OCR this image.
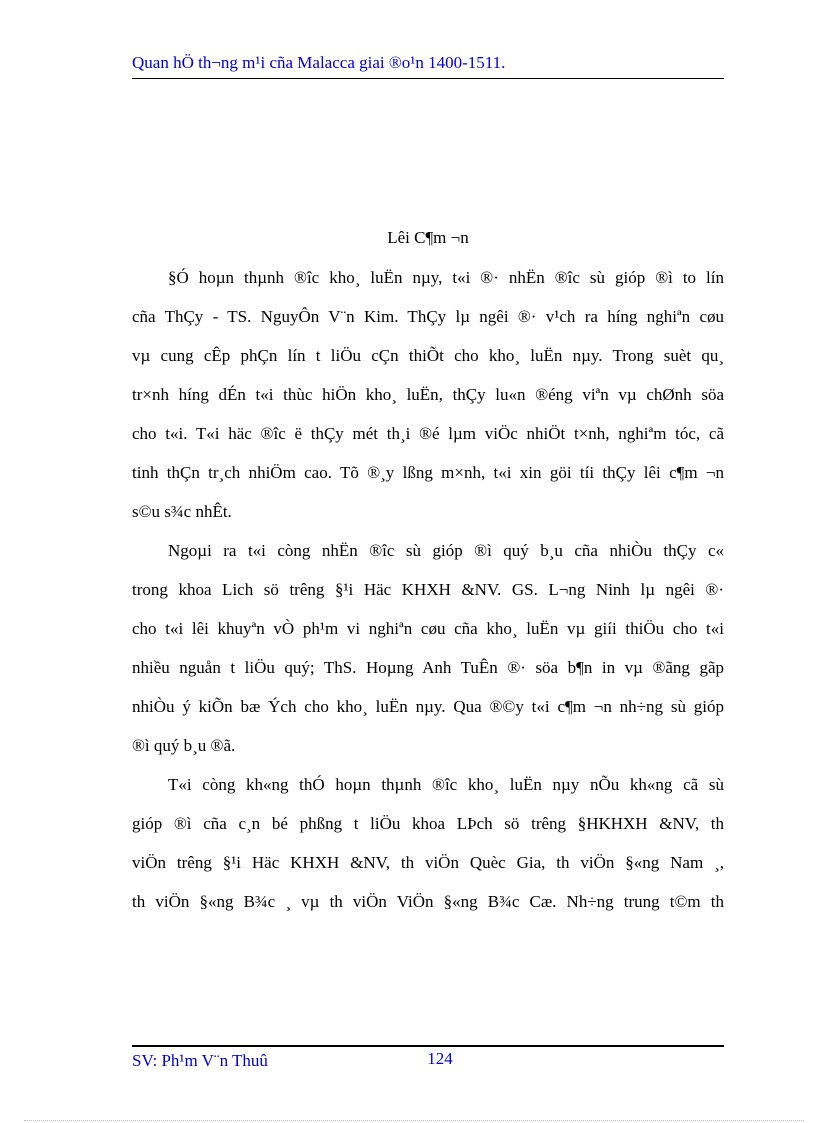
Quan hÖ th¬ng m¹i cña Malacca giai ®o¹n 1400-1511.
Lêi C¶m ¬n
§Ó hoµn thµnh ®îc kho¸ luËn nµy, t«i ®· nhËn ®îc sù gióp ®ì to lín
cña ThÇy - TS. NguyÔn V¨n Kim. ThÇy lµ ngêi ®· v¹ch ra híng nghiªn cøu
vµ cung cÊp phÇn lín t liÖu cÇn thiÕt cho kho¸ luËn nµy. Trong suèt qu¸
tr×nh híng dÉn t«i thùc hiÖn kho¸ luËn, thÇy lu«n ®éng viªn vµ chØnh söa
cho t«i. T«i häc ®îc ë thÇy mét th¸i ®é lµm viÖc nhiÖt t×nh, nghiªm tóc, cã
tinh thÇn tr¸ch nhiÖm cao. Tõ ®¸y lßng m×nh, t«i xin göi tíi thÇy lêi c¶m ¬n
s©u s¾c nhÊt.
Ngoµi ra t«i còng nhËn ®îc sù gióp ®ì quý b¸u cña nhiÒu thÇy c«
trong khoa Lich sö trêng §¹i Häc KHXH &NV. GS. L¬ng Ninh lµ ngêi ®·
cho t«i lêi khuyªn vÒ ph¹m vi nghiªn cøu cña kho¸ luËn vµ giíi thiÖu cho t«i
nhiều nguån t liÖu quý; ThS. Hoµng Anh TuÊn ®· söa b¶n in vµ ®ãng gãp
nhiÒu ý kiÕn bæ Ých cho kho¸ luËn nµy. Qua ®©y t«i c¶m ¬n nh÷ng sù gióp
®ì quý b¸u ®ã.
T«i còng kh«ng thÓ hoµn thµnh ®îc kho¸ luËn nµy nÕu kh«ng cã sù
gióp ®ì cña c¸n bé phßng t liÖu khoa LÞch sö trêng §HKHXH &NV, th
viÖn trêng §¹i Häc KHXH &NV, th viÖn Quèc Gia, th viÖn §«ng Nam ¸,
th viÖn §«ng B¾c ¸ vµ th viÖn ViÖn §«ng B¾c Cæ. Nh÷ng trung t©m th
SV: Ph¹m V¨n Thuû	124
